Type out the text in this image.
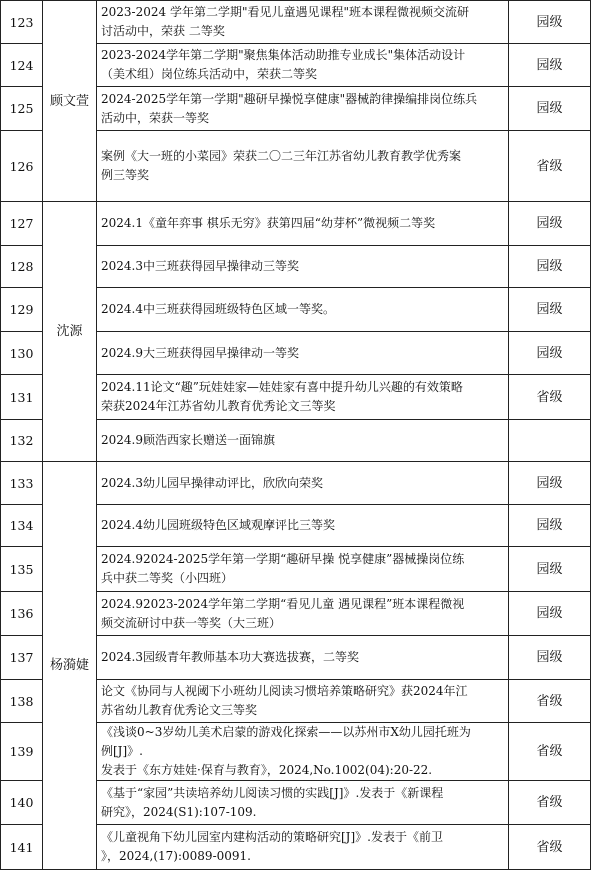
123	顾文萱	2023-2024 学年第二学期"看见儿童遇见课程"班本课程微视频交流研
讨活动中，荣获 二等奖	园级
124		2023-2024学年第二学期"聚焦集体活动助推专业成长"集体活动设计
（美术组）岗位练兵活动中，荣获二等奖	园级
125		2024-2025学年第一学期"趣研早操悦享健康"器械韵律操编排岗位练兵
活动中，荣获一等奖	园级
126		案例《大一班的小菜园》荣获二〇二三年江苏省幼儿教育教学优秀案
例三等奖	省级
127	沈源	2024.1《童年弈事 棋乐无穷》获第四届“幼芽杯”微视频二等奖	园级
128		2024.3中三班获得园早操律动三等奖	园级
129		2024.4中三班获得园班级特色区域一等奖。	园级
130		2024.9大三班获得园早操律动一等奖	园级
131		2024.11论文“趣”玩娃娃家—娃娃家有喜中提升幼儿兴趣的有效策略
荣获2024年江苏省幼儿教育优秀论文三等奖	省级
132		2024.9顾浩西家长赠送一面锦旗	

133	杨漪婕	2024.3幼儿园早操律动评比，欣欣向荣奖	园级
134		2024.4幼儿园班级特色区域观摩评比三等奖	园级
135		2024.92024-2025学年第一学期“趣研早操 悦享健康”器械操岗位练
兵中获二等奖（小四班）	园级
136		2024.92023-2024学年第二学期“看见儿童 遇见课程”班本课程微视
频交流研讨中获一等奖（大三班）	园级
137		2024.3园级青年教师基本功大赛选拔赛，二等奖	园级
138		论文《协同与人视阈下小班幼儿阅读习惯培养策略研究》获2024年江
苏省幼儿教育优秀论文三等奖	省级
139		《浅谈0~3岁幼儿美术启蒙的游戏化探索——以苏州市X幼儿园托班为
例[J]》.
发表于《东方娃娃·保育与教育》，2024,No.1002(04):20-22.	省级
140		《基于“家园”共读培养幼儿阅读习惯的实践[J]》.发表于《新课程
研究》，2024(S1):107-109.	省级
141		《儿童视角下幼儿园室内建构活动的策略研究[J]》.发表于《前卫
》，2024,(17):0089-0091.	省级
